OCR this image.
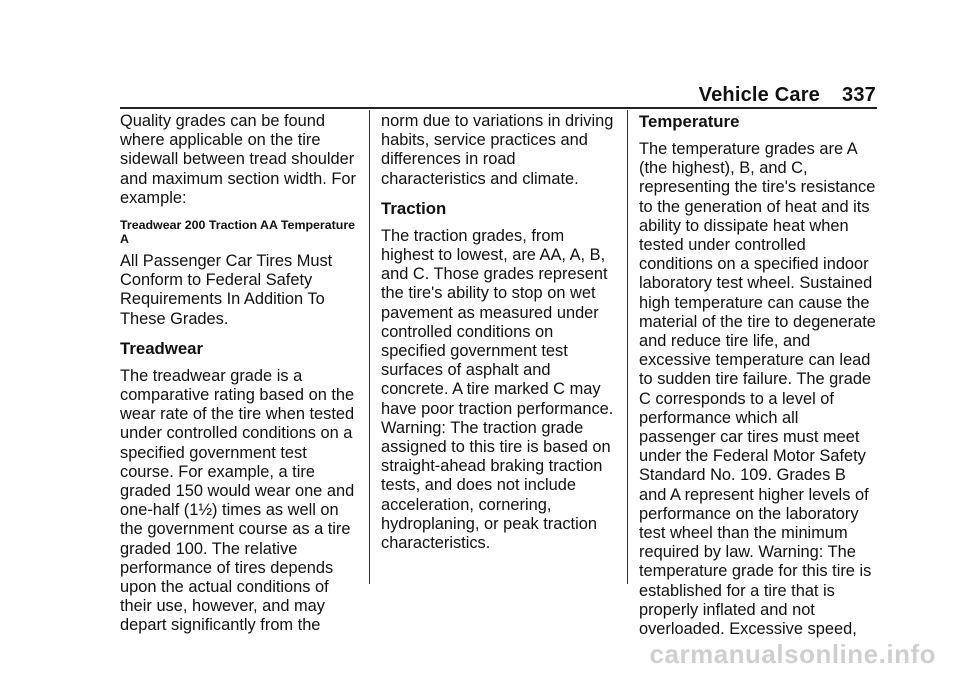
Vehicle Care 337

Quality grades can be found where applicable on the tire sidewall between tread shoulder and maximum section width. For example:

Treadwear 200 Traction AA Temperature A

All Passenger Car Tires Must Conform to Federal Safety Requirements In Addition To These Grades.

Treadwear

The treadwear grade is a comparative rating based on the wear rate of the tire when tested under controlled conditions on a specified government test course. For example, a tire graded 150 would wear one and one-half (1½) times as well on the government course as a tire graded 100. The relative performance of tires depends upon the actual conditions of their use, however, and may depart significantly from the

norm due to variations in driving habits, service practices and differences in road characteristics and climate.

Traction

The traction grades, from highest to lowest, are AA, A, B, and C. Those grades represent the tire's ability to stop on wet pavement as measured under controlled conditions on specified government test surfaces of asphalt and concrete. A tire marked C may have poor traction performance. Warning: The traction grade assigned to this tire is based on straight-ahead braking traction tests, and does not include acceleration, cornering, hydroplaning, or peak traction characteristics.

Temperature

The temperature grades are A (the highest), B, and C, representing the tire's resistance to the generation of heat and its ability to dissipate heat when tested under controlled conditions on a specified indoor laboratory test wheel. Sustained high temperature can cause the material of the tire to degenerate and reduce tire life, and excessive temperature can lead to sudden tire failure. The grade C corresponds to a level of performance which all passenger car tires must meet under the Federal Motor Safety Standard No. 109. Grades B and A represent higher levels of performance on the laboratory test wheel than the minimum required by law. Warning: The temperature grade for this tire is established for a tire that is properly inflated and not overloaded. Excessive speed,

carmanualsonline.info
